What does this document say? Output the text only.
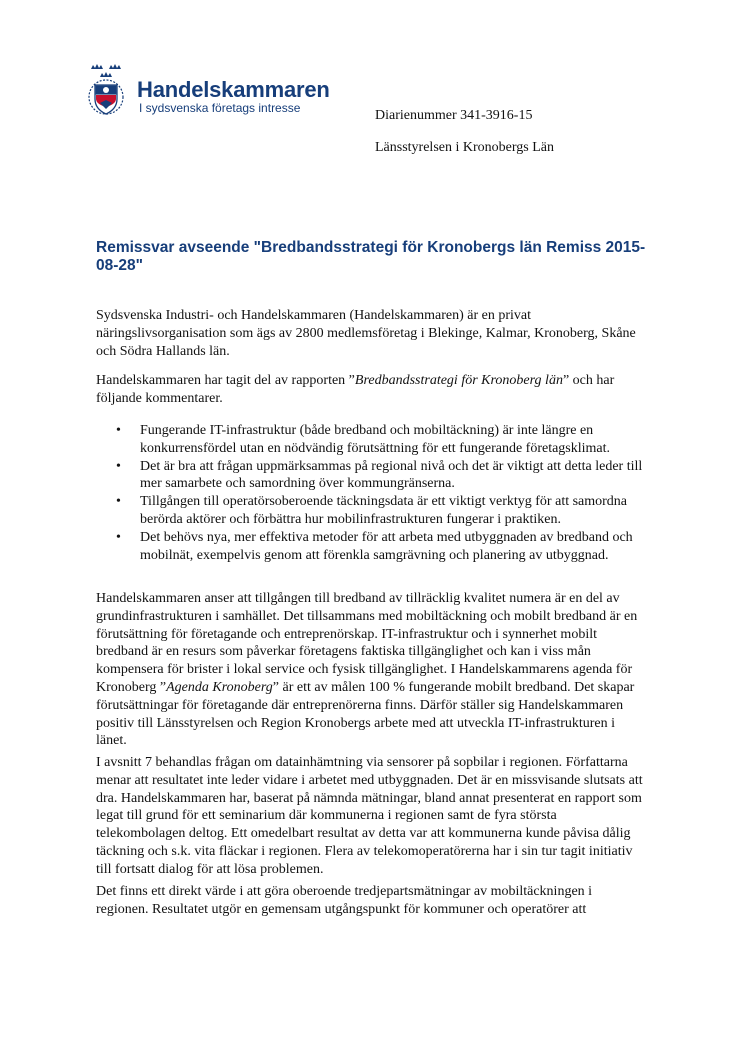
Handelskammaren
I sydsvenska företags intresse	Diarienummer 341-3916-15
Länsstyrelsen i Kronobergs Län
Remissvar avseende "Bredbandsstrategi för Kronobergs län Remiss 2015-08-28"

Sydsvenska Industri- och Handelskammaren (Handelskammaren) är en privat näringslivsorganisation som ägs av 2800 medlemsföretag i Blekinge, Kalmar, Kronoberg, Skåne och Södra Hallands län.

Handelskammaren har tagit del av rapporten ”Bredbandsstrategi för Kronoberg län” och har följande kommentarer.

• Fungerande IT-infrastruktur (både bredband och mobiltäckning) är inte längre en konkurrensfördel utan en nödvändig förutsättning för ett fungerande företagsklimat.
• Det är bra att frågan uppmärksammas på regional nivå och det är viktigt att detta leder till mer samarbete och samordning över kommungränserna.
• Tillgången till operatörsoberoende täckningsdata är ett viktigt verktyg för att samordna berörda aktörer och förbättra hur mobilinfrastrukturen fungerar i praktiken.
• Det behövs nya, mer effektiva metoder för att arbeta med utbyggnaden av bredband och mobilnät, exempelvis genom att förenkla samgrävning och planering av utbyggnad.

Handelskammaren anser att tillgången till bredband av tillräcklig kvalitet numera är en del av grundinfrastrukturen i samhället. Det tillsammans med mobiltäckning och mobilt bredband är en förutsättning för företagande och entreprenörskap. IT-infrastruktur och i synnerhet mobilt bredband är en resurs som påverkar företagens faktiska tillgänglighet och kan i viss mån kompensera för brister i lokal service och fysisk tillgänglighet. I Handelskammarens agenda för Kronoberg ”Agenda Kronoberg” är ett av målen 100 % fungerande mobilt bredband. Det skapar förutsättningar för företagande där entreprenörerna finns. Därför ställer sig Handelskammaren positiv till Länsstyrelsen och Region Kronobergs arbete med att utveckla IT-infrastrukturen i länet.

I avsnitt 7 behandlas frågan om datainhämtning via sensorer på sopbilar i regionen. Författarna menar att resultatet inte leder vidare i arbetet med utbyggnaden. Det är en missvisande slutsats att dra. Handelskammaren har, baserat på nämnda mätningar, bland annat presenterat en rapport som legat till grund för ett seminarium där kommunerna i regionen samt de fyra största telekombolagen deltog. Ett omedelbart resultat av detta var att kommunerna kunde påvisa dålig täckning och s.k. vita fläckar i regionen. Flera av telekomoperatörerna har i sin tur tagit initiativ till fortsatt dialog för att lösa problemen.

Det finns ett direkt värde i att göra oberoende tredjepartsmätningar av mobiltäckningen i regionen. Resultatet utgör en gemensam utgångspunkt för kommuner och operatörer att
